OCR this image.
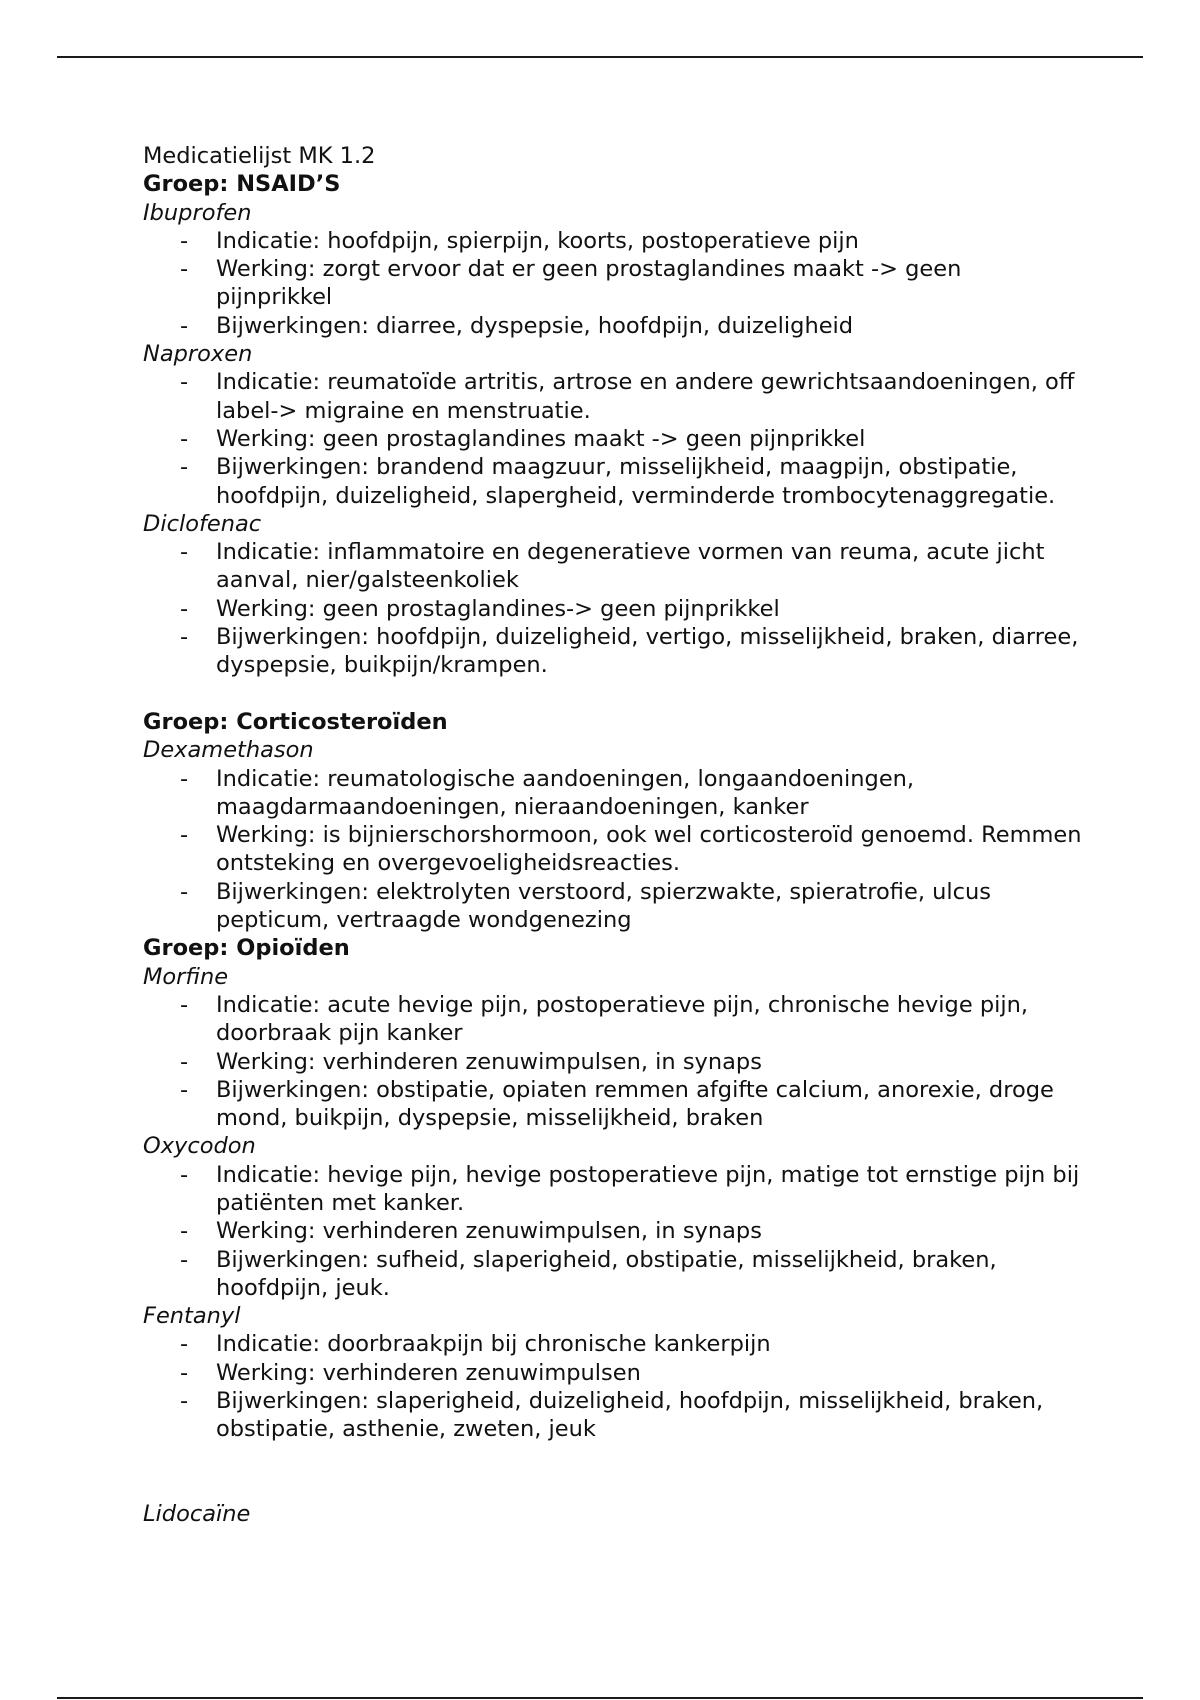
Medicatielijst MK 1.2

Groep: NSAID’S

Ibuprofen

- Indicatie: hoofdpijn, spierpijn, koorts, postoperatieve pijn
- Werking: zorgt ervoor dat er geen prostaglandines maakt -> geen pijnprikkel
- Bijwerkingen: diarree, dyspepsie, hoofdpijn, duizeligheid

Naproxen

- Indicatie: reumatoïde artritis, artrose en andere gewrichtsaandoeningen, off label-> migraine en menstruatie.
- Werking: geen prostaglandines maakt -> geen pijnprikkel
- Bijwerkingen: brandend maagzuur, misselijkheid, maagpijn, obstipatie, hoofdpijn, duizeligheid, slapergheid, verminderde trombocytenaggregatie.

Diclofenac

- Indicatie: inflammatoire en degeneratieve vormen van reuma, acute jicht aanval, nier/galsteenkoliek
- Werking: geen prostaglandines-> geen pijnprikkel
- Bijwerkingen: hoofdpijn, duizeligheid, vertigo, misselijkheid, braken, diarree, dyspepsie, buikpijn/krampen.

Groep: Corticosteroïden

Dexamethason

- Indicatie: reumatologische aandoeningen, longaandoeningen, maagdarmaandoeningen, nieraandoeningen, kanker
- Werking: is bijnierschorshormoon, ook wel corticosteroïd genoemd. Remmen ontsteking en overgevoeligheidsreacties.
- Bijwerkingen: elektrolyten verstoord, spierzwakte, spieratrofie, ulcus pepticum, vertraagde wondgenezing

Groep: Opioïden

Morfine

- Indicatie: acute hevige pijn, postoperatieve pijn, chronische hevige pijn, doorbraak pijn kanker
- Werking: verhinderen zenuwimpulsen, in synaps
- Bijwerkingen: obstipatie, opiaten remmen afgifte calcium, anorexie, droge mond, buikpijn, dyspepsie, misselijkheid, braken

Oxycodon

- Indicatie: hevige pijn, hevige postoperatieve pijn, matige tot ernstige pijn bij patiënten met kanker.
- Werking: verhinderen zenuwimpulsen, in synaps
- Bijwerkingen: sufheid, slaperigheid, obstipatie, misselijkheid, braken, hoofdpijn, jeuk.

Fentanyl

- Indicatie: doorbraakpijn bij chronische kankerpijn
- Werking: verhinderen zenuwimpulsen
- Bijwerkingen: slaperigheid, duizeligheid, hoofdpijn, misselijkheid, braken, obstipatie, asthenie, zweten, jeuk

Lidocaïne
